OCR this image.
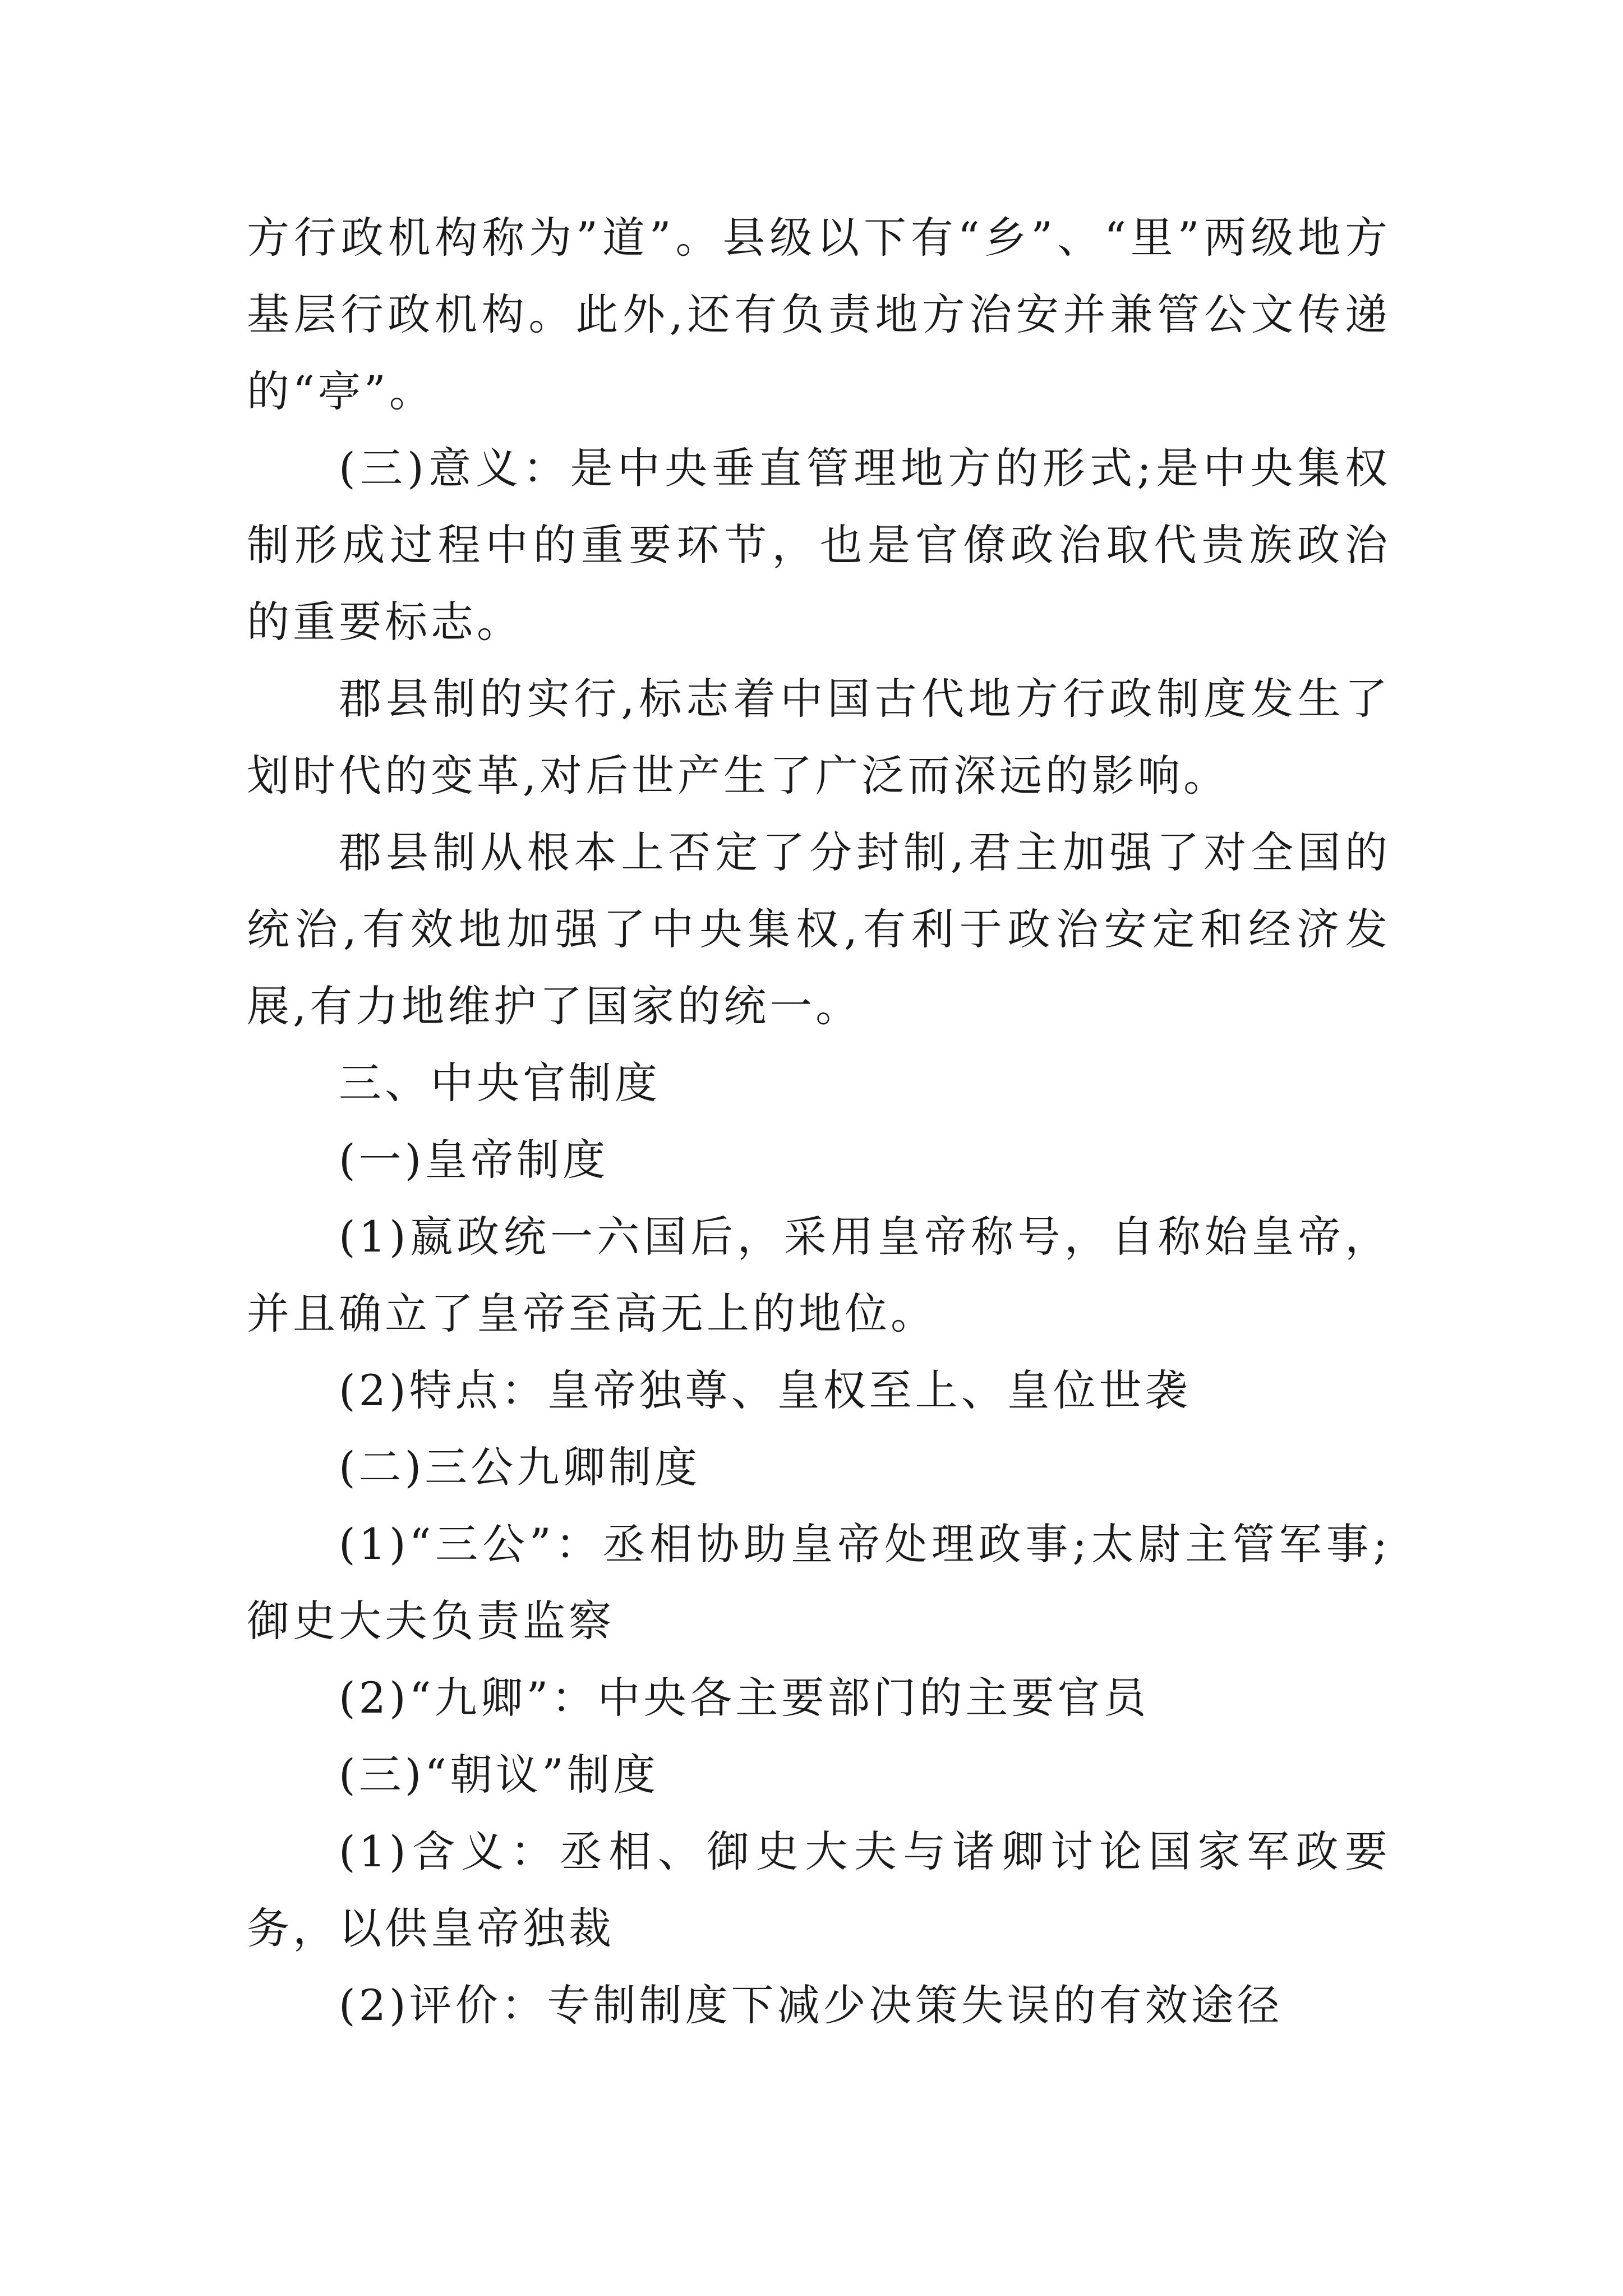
方行政机构称为”道”。县级以下有“乡”、“里”两级地方基层行政机构。此外,还有负责地方治安并兼管公文传递的“亭”。

(三)意义：是中央垂直管理地方的形式;是中央集权制形成过程中的重要环节，也是官僚政治取代贵族政治的重要标志。

郡县制的实行,标志着中国古代地方行政制度发生了划时代的变革,对后世产生了广泛而深远的影响。

郡县制从根本上否定了分封制,君主加强了对全国的统治,有效地加强了中央集权,有利于政治安定和经济发展,有力地维护了国家的统一。

三、中央官制度

(一)皇帝制度

(1)嬴政统一六国后，采用皇帝称号，自称始皇帝，并且确立了皇帝至高无上的地位。

(2)特点：皇帝独尊、皇权至上、皇位世袭

(二)三公九卿制度

(1)“三公”：丞相协助皇帝处理政事;太尉主管军事;御史大夫负责监察

(2)“九卿”：中央各主要部门的主要官员

(三)“朝议”制度

(1)含义：丞相、御史大夫与诸卿讨论国家军政要务，以供皇帝独裁

(2)评价：专制制度下减少决策失误的有效途径
